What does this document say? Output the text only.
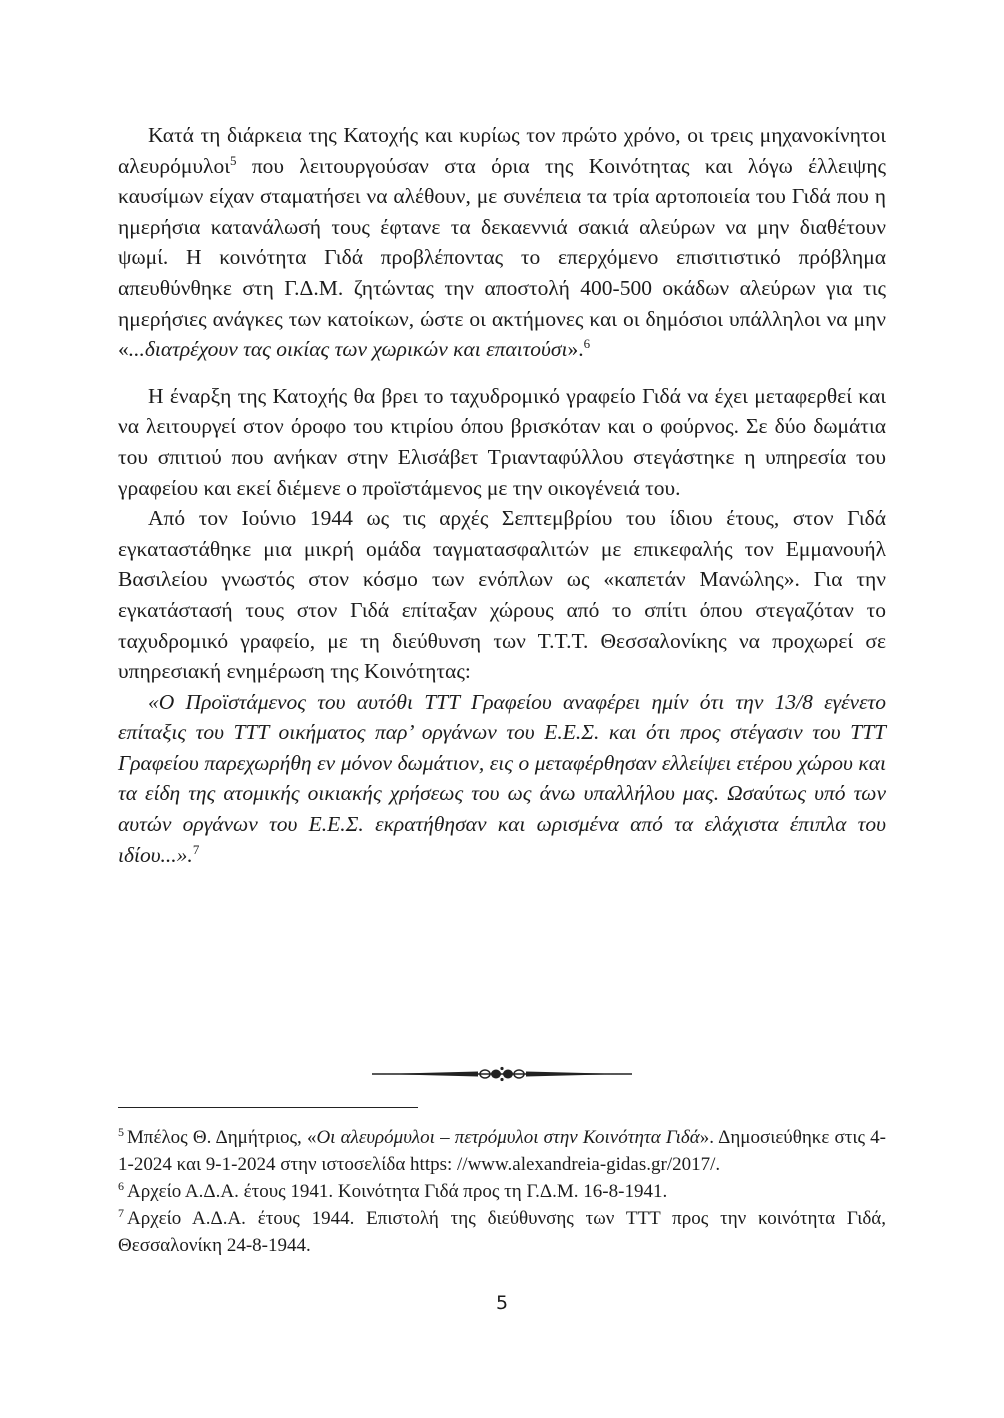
Κατά τη διάρκεια της Κατοχής και κυρίως τον πρώτο χρόνο, οι τρεις μηχανοκίνητοι αλευρόμυλοι$^5$ που λειτουργούσαν στα όρια της Κοινότητας και λόγω έλλειψης καυσίμων είχαν σταματήσει να αλέθουν, με συνέπεια τα τρία αρτοποιεία του Γιδά που η ημερήσια κατανάλωσή τους έφτανε τα δεκαεννιά σακιά αλεύρων να μην διαθέτουν ψωμί. Η κοινότητα Γιδά προβλέποντας το επερχόμενο επισιτιστικό πρόβλημα απευθύνθηκε στη Γ.Δ.Μ. ζητώντας την αποστολή 400-500 οκάδων αλεύρων για τις ημερήσιες ανάγκες των κατοίκων, ώστε οι ακτήμονες και οι δημόσιοι υπάλληλοι να μην «...διατρέχουν τας οικίας των χωρικών και επαιτούσι».$^6$

Η έναρξη της Κατοχής θα βρει το ταχυδρομικό γραφείο Γιδά να έχει μεταφερθεί και να λειτουργεί στον όροφο του κτιρίου όπου βρισκόταν και ο φούρνος. Σε δύο δωμάτια του σπιτιού που ανήκαν στην Ελισάβετ Τριανταφύλλου στεγάστηκε η υπηρεσία του γραφείου και εκεί διέμενε ο προϊστάμενος με την οικογένειά του.

Από τον Ιούνιο 1944 ως τις αρχές Σεπτεμβρίου του ίδιου έτους, στον Γιδά εγκαταστάθηκε μια μικρή ομάδα ταγματασφαλιτών με επικεφαλής τον Εμμανουήλ Βασιλείου γνωστός στον κόσμο των ενόπλων ως «καπετάν Μανώλης». Για την εγκατάστασή τους στον Γιδά επίταξαν χώρους από το σπίτι όπου στεγαζόταν το ταχυδρομικό γραφείο, με τη διεύθυνση των Τ.Τ.Τ. Θεσσαλονίκης να προχωρεί σε υπηρεσιακή ενημέρωση της Κοινότητας:

«Ο Προϊστάμενος του αυτόθι ΤΤΤ Γραφείου αναφέρει ημίν ότι την 13/8 εγένετο επίταξις του ΤΤΤ οικήματος παρ’ οργάνων του Ε.Ε.Σ. και ότι προς στέγασιν του ΤΤΤ Γραφείου παρεχωρήθη εν μόνον δωμάτιον, εις ο μεταφέρθησαν ελλείψει ετέρου χώρου και τα είδη της ατομικής οικιακής χρήσεως του ως άνω υπαλλήλου μας. Ωσαύτως υπό των αυτών οργάνων του Ε.Ε.Σ. εκρατήθησαν και ωρισμένα από τα ελάχιστα έπιπλα του ιδίου...».$^7$

$^5$ Μπέλος Θ. Δημήτριος, «Οι αλευρόμυλοι – πετρόμυλοι στην Κοινότητα Γιδά». Δημοσιεύθηκε στις 4-1-2024 και 9-1-2024 στην ιστοσελίδα https: //www.alexandreia-gidas.gr/2017/.

$^6$ Αρχείο Α.Δ.Α. έτους 1941. Κοινότητα Γιδά προς τη Γ.Δ.Μ. 16-8-1941.

$^7$ Αρχείο Α.Δ.Α. έτους 1944. Επιστολή της διεύθυνσης των ΤΤΤ προς την κοινότητα Γιδά, Θεσσαλονίκη 24-8-1944.

5
